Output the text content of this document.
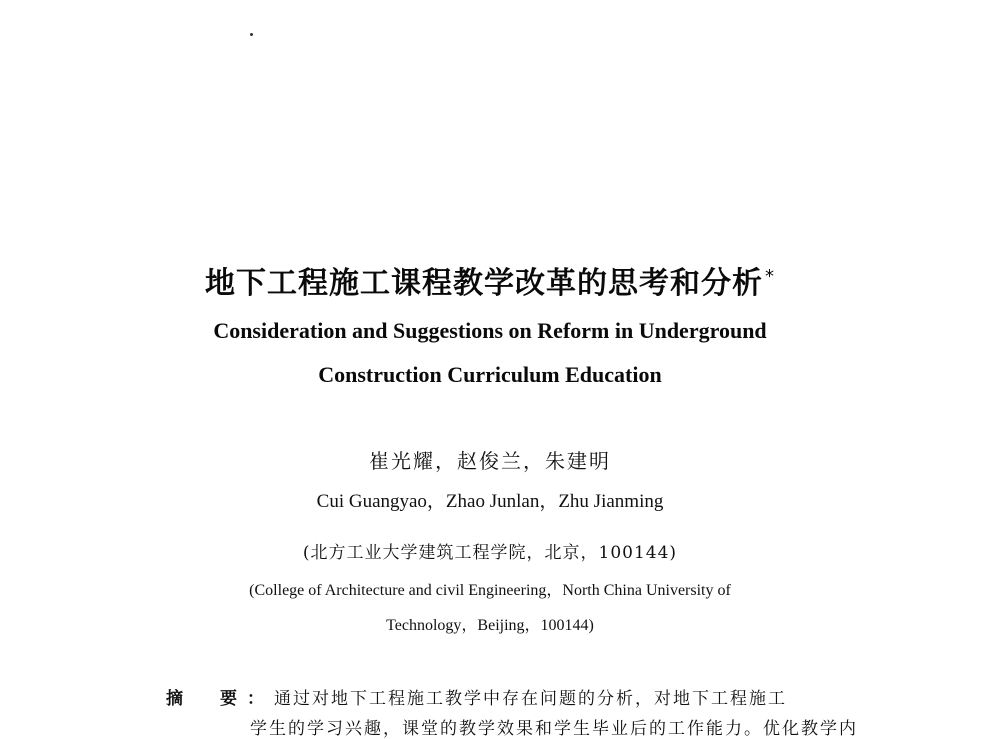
地下工程施工课程教学改革的思考和分析 *
Consideration and Suggestions on Reform in Underground
Construction Curriculum Education
崔光耀，赵俊兰，朱建明
Cui Guangyao，Zhao Junlan，Zhu Jianming
(北方工业大学建筑工程学院，北京，100144)
(College of Architecture and civil Engineering，North China University of
Technology，Beijing，100144)
摘　要：通过对地下工程施工教学中存在问题的分析，对地下工程施工
学生的学习兴趣，课堂的教学效果和学生毕业后的工作能力。优化教学内
